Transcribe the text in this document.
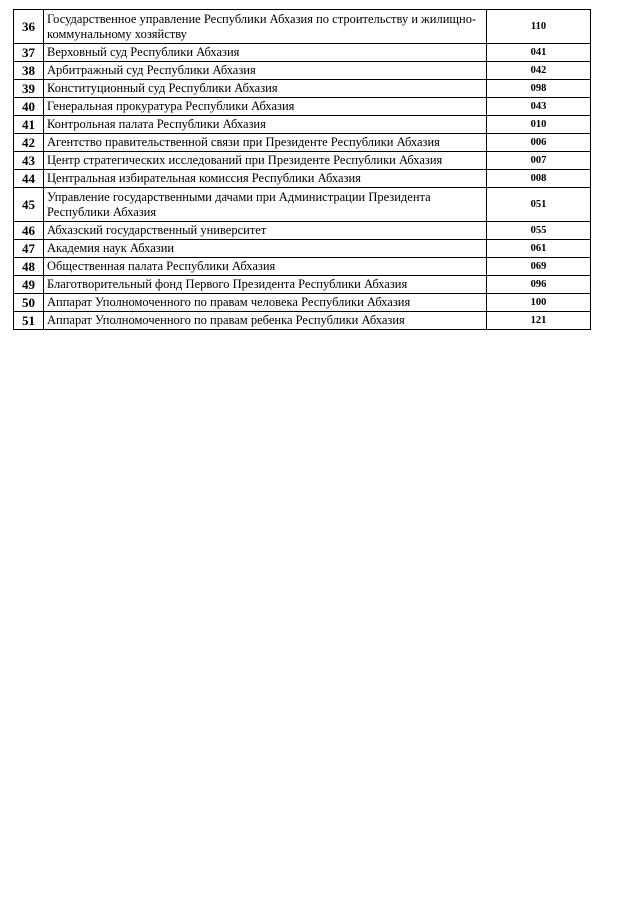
36	Государственное управление Республики Абхазия по строительству и жилищно- коммунальному хозяйству	110
37	Верховный суд Республики Абхазия	041
38	Арбитражный суд Республики Абхазия	042
39	Конституционный суд Республики Абхазия	098
40	Генеральная прокуратура Республики Абхазия	043
41	Контрольная палата Республики Абхазия	010
42	Агентство правительственной связи при Президенте Республики Абхазия	006
43	Центр стратегических исследований при Президенте Республики Абхазия	007
44	Центральная избирательная комиссия Республики Абхазия	008
45	Управление государственными дачами при Администрации Президента Республики Абхазия	051
46	Абхазский государственный университет	055
47	Академия наук Абхазии	061
48	Общественная палата Республики Абхазия	069
49	Благотворительный фонд Первого Президента Республики Абхазия	096
50	Аппарат Уполномоченного по правам человека Республики Абхазия	100
51	Аппарат Уполномоченного по правам ребенка Республики Абхазия	121
